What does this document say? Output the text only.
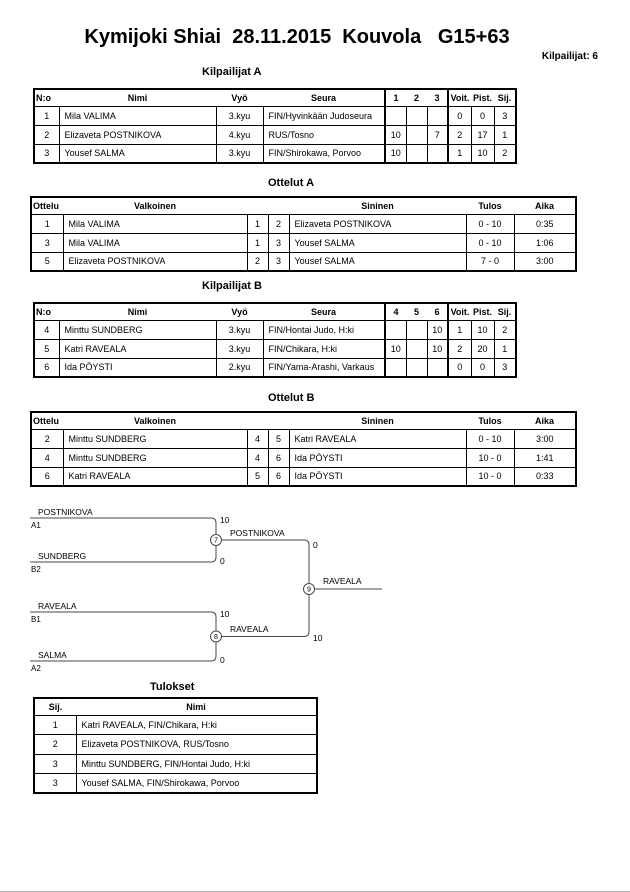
Kymijoki Shiai  28.11.2015  Kouvola   G15+63
Kilpailijat: 6
Kilpailijat A
N:o	Nimi	Vyö	Seura	1	2	3	Voit.	Pist.	Sij.
1	Mila VALIMA	3.kyu	FIN/Hyvinkään Judoseura				0	0	3
2	Elizaveta POSTNIKOVA	4.kyu	RUS/Tosno	10		7	2	17	1
3	Yousef SALMA	3.kyu	FIN/Shirokawa, Porvoo	10			1	10	2
Ottelut A
Ottelu	Valkoinen			Sininen	Tulos	Aika
1	Mila VALIMA	1	2	Elizaveta POSTNIKOVA	0 - 10	0:35
3	Mila VALIMA	1	3	Yousef SALMA	0 - 10	1:06
5	Elizaveta POSTNIKOVA	2	3	Yousef SALMA	7 - 0	3:00
Kilpailijat B
N:o	Nimi	Vyö	Seura	4	5	6	Voit.	Pist.	Sij.
4	Minttu SUNDBERG	3.kyu	FIN/Hontai Judo, H:ki			10	1	10	2
5	Katri RAVEALA	3.kyu	FIN/Chikara, H:ki	10		10	2	20	1
6	Ida PÖYSTI	2.kyu	FIN/Yama-Arashi, Varkaus				0	0	3
Ottelut B
Ottelu	Valkoinen			Sininen	Tulos	Aika
2	Minttu SUNDBERG	4	5	Katri RAVEALA	0 - 10	3:00
4	Minttu SUNDBERG	4	6	Ida PÖYSTI	10 - 0	1:41
6	Katri RAVEALA	5	6	Ida PÖYSTI	10 - 0	0:33
7
8
9
POSTNIKOVA
A1
10
SUNDBERG
B2
0
POSTNIKOVA
0
RAVEALA
B1
10
SALMA
A2
0
RAVEALA
10
RAVEALA
Tulokset
Sij.	Nimi
1	Katri RAVEALA, FIN/Chikara, H:ki
2	Elizaveta POSTNIKOVA, RUS/Tosno
3	Minttu SUNDBERG, FIN/Hontai Judo, H:ki
3	Yousef SALMA, FIN/Shirokawa, Porvoo
